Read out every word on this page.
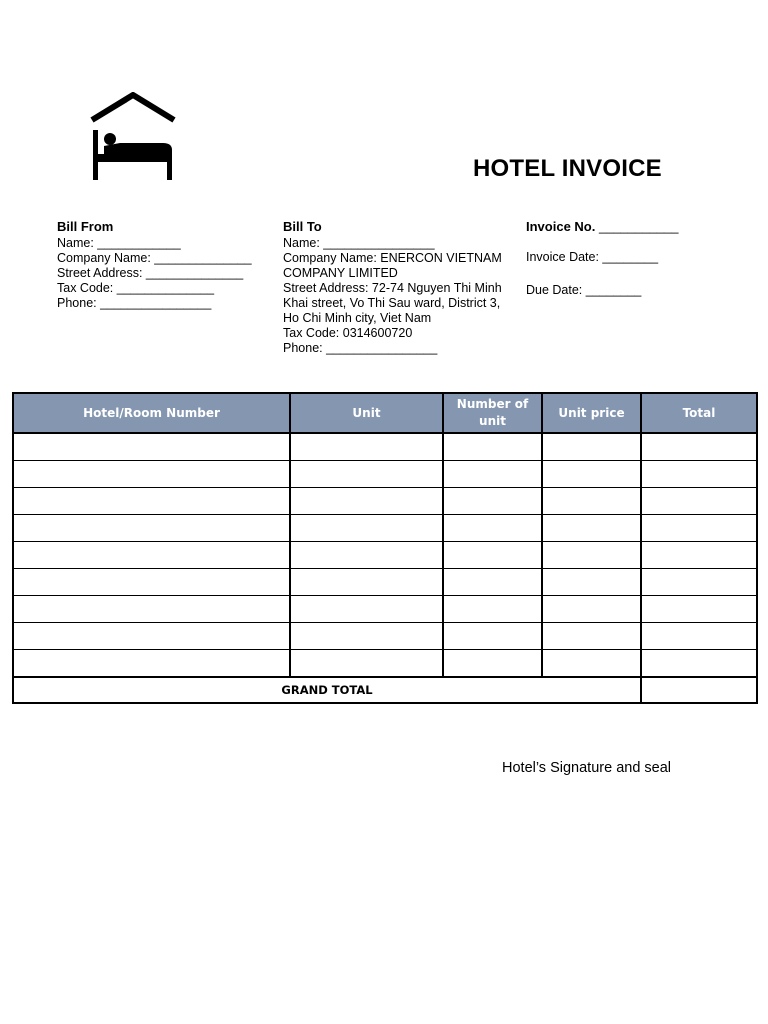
HOTEL INVOICE
Bill From
Name: ____________
Company Name: ______________
Street Address: ______________
Tax Code: ______________
Phone: ________________
Bill To
Name: ________________
Company Name: ENERCON VIETNAM COMPANY LIMITED
Street Address: 72-74 Nguyen Thi Minh Khai street, Vo Thi Sau ward, District 3, Ho Chi Minh city, Viet Nam
Tax Code: 0314600720
Phone: ________________
Invoice No. ___________
Invoice Date: ________
Due Date: ________
Hotel/Room Number	Unit	Number of unit	Unit price	Total

GRAND TOTAL				
Hotel’s Signature and seal
